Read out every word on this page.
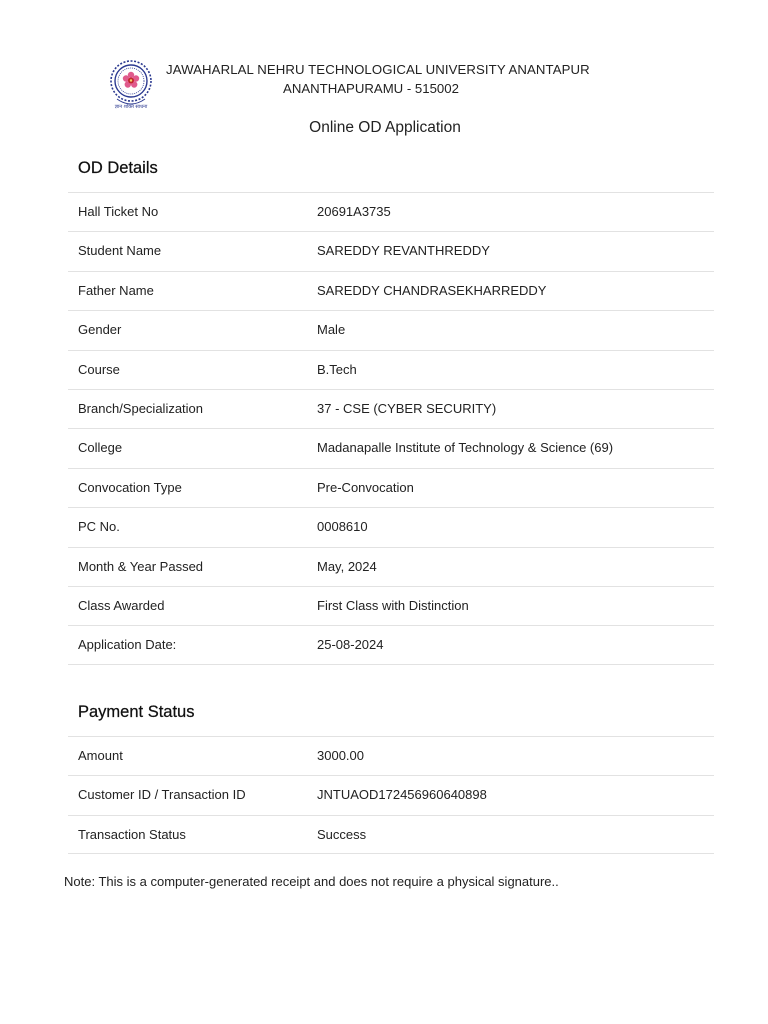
ज्ञान शक्ति साधना
JAWAHARLAL NEHRU TECHNOLOGICAL UNIVERSITY ANANTAPUR
ANANTHAPURAMU - 515002
Online OD Application
OD Details
Hall Ticket No	20691A3735
Student Name	SAREDDY REVANTHREDDY
Father Name	SAREDDY CHANDRASEKHARREDDY
Gender	Male
Course	B.Tech
Branch/Specialization	37 - CSE (CYBER SECURITY)
College	Madanapalle Institute of Technology & Science (69)
Convocation Type	Pre-Convocation
PC No.	0008610
Month & Year Passed	May, 2024
Class Awarded	First Class with Distinction
Application Date:	25-08-2024
Payment Status
Amount	3000.00
Customer ID / Transaction ID	JNTUAOD172456960640898
Transaction Status	Success
Note: This is a computer-generated receipt and does not require a physical signature..
